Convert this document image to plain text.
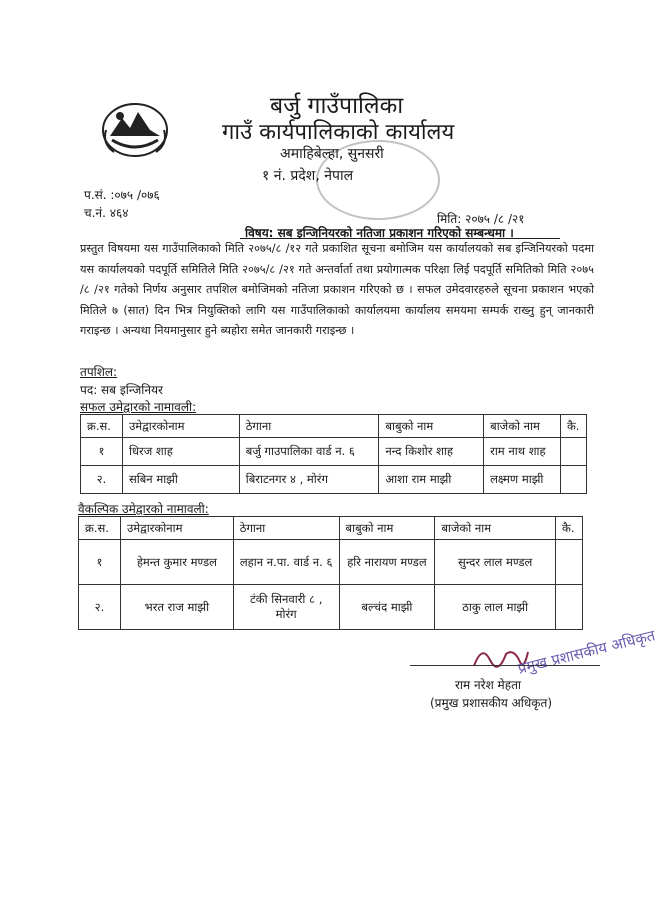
बर्जु गाउँपालिका
गाउँ कार्यपालिकाको कार्यालय
अमाहिबेल्हा, सुनसरी
१ नं. प्रदेश, नेपाल
प.सं. :०७५ /०७६
च.नं. ४६४	मिति: २०७५ /८ /२१
विषय: सब इन्जिनियरको नतिजा प्रकाशन गरिएको सम्बन्धमा ।
प्रस्तुत विषयमा यस गाउँपालिकाको मिति २०७५/८ /१२ गते प्रकाशित सूचना बमोजिम यस कार्यालयको सब इन्जिनियरको पदमा यस कार्यालयको पदपूर्ति समितिले मिति २०७५/८ /२१ गते अन्तर्वार्ता तथा प्रयोगात्मक परिक्षा लिई पदपूर्ति समितिको मिति २०७५ /८ /२१ गतेको निर्णय अनुसार तपशिल बमोजिमको नतिजा प्रकाशन गरिएको छ । सफल उमेदवारहरुले सूचना प्रकाशन भएको मितिले ७ (सात) दिन भित्र नियुक्तिको लागि यस गाउँपालिकाको कार्यालयमा कार्यालय समयमा सम्पर्क राख्नु हुन् जानकारी गराइन्छ । अन्यथा नियमानुसार हुने ब्यहोरा समेत जानकारी गराइन्छ ।
तपशिल:
पद: सब इन्जिनियर
सफल उमेद्वारको नामावली:
क्र.स.	उमेद्वारकोनाम	ठेगाना	बाबुको नाम	बाजेको नाम	कै.
१	धिरज शाह	बर्जु गाउपालिका वार्ड न. ६	नन्द किशोर शाह	राम नाथ शाह	
२.	सबिन माझी	बिराटनगर ४ , मोरंग	आशा राम माझी	लक्ष्मण माझी	
वैकल्पिक उमेद्वारको नामावली:
क्र.स.	उमेद्वारकोनाम	ठेगाना	बाबुको नाम	बाजेको नाम	कै.
१	हेमन्त कुमार मण्डल	लहान न.पा. वार्ड न. ६	हरि नारायण मण्डल	सुन्दर लाल मण्डल	
२.	भरत राज माझी	टंकी सिनवारी ८ , मोरंग	बल्चंद माझी	ठाकु लाल माझी	
प्रमुख प्रशासकीय अधिकृत
राम नरेश मेहता
(प्रमुख प्रशासकीय अधिकृत)
